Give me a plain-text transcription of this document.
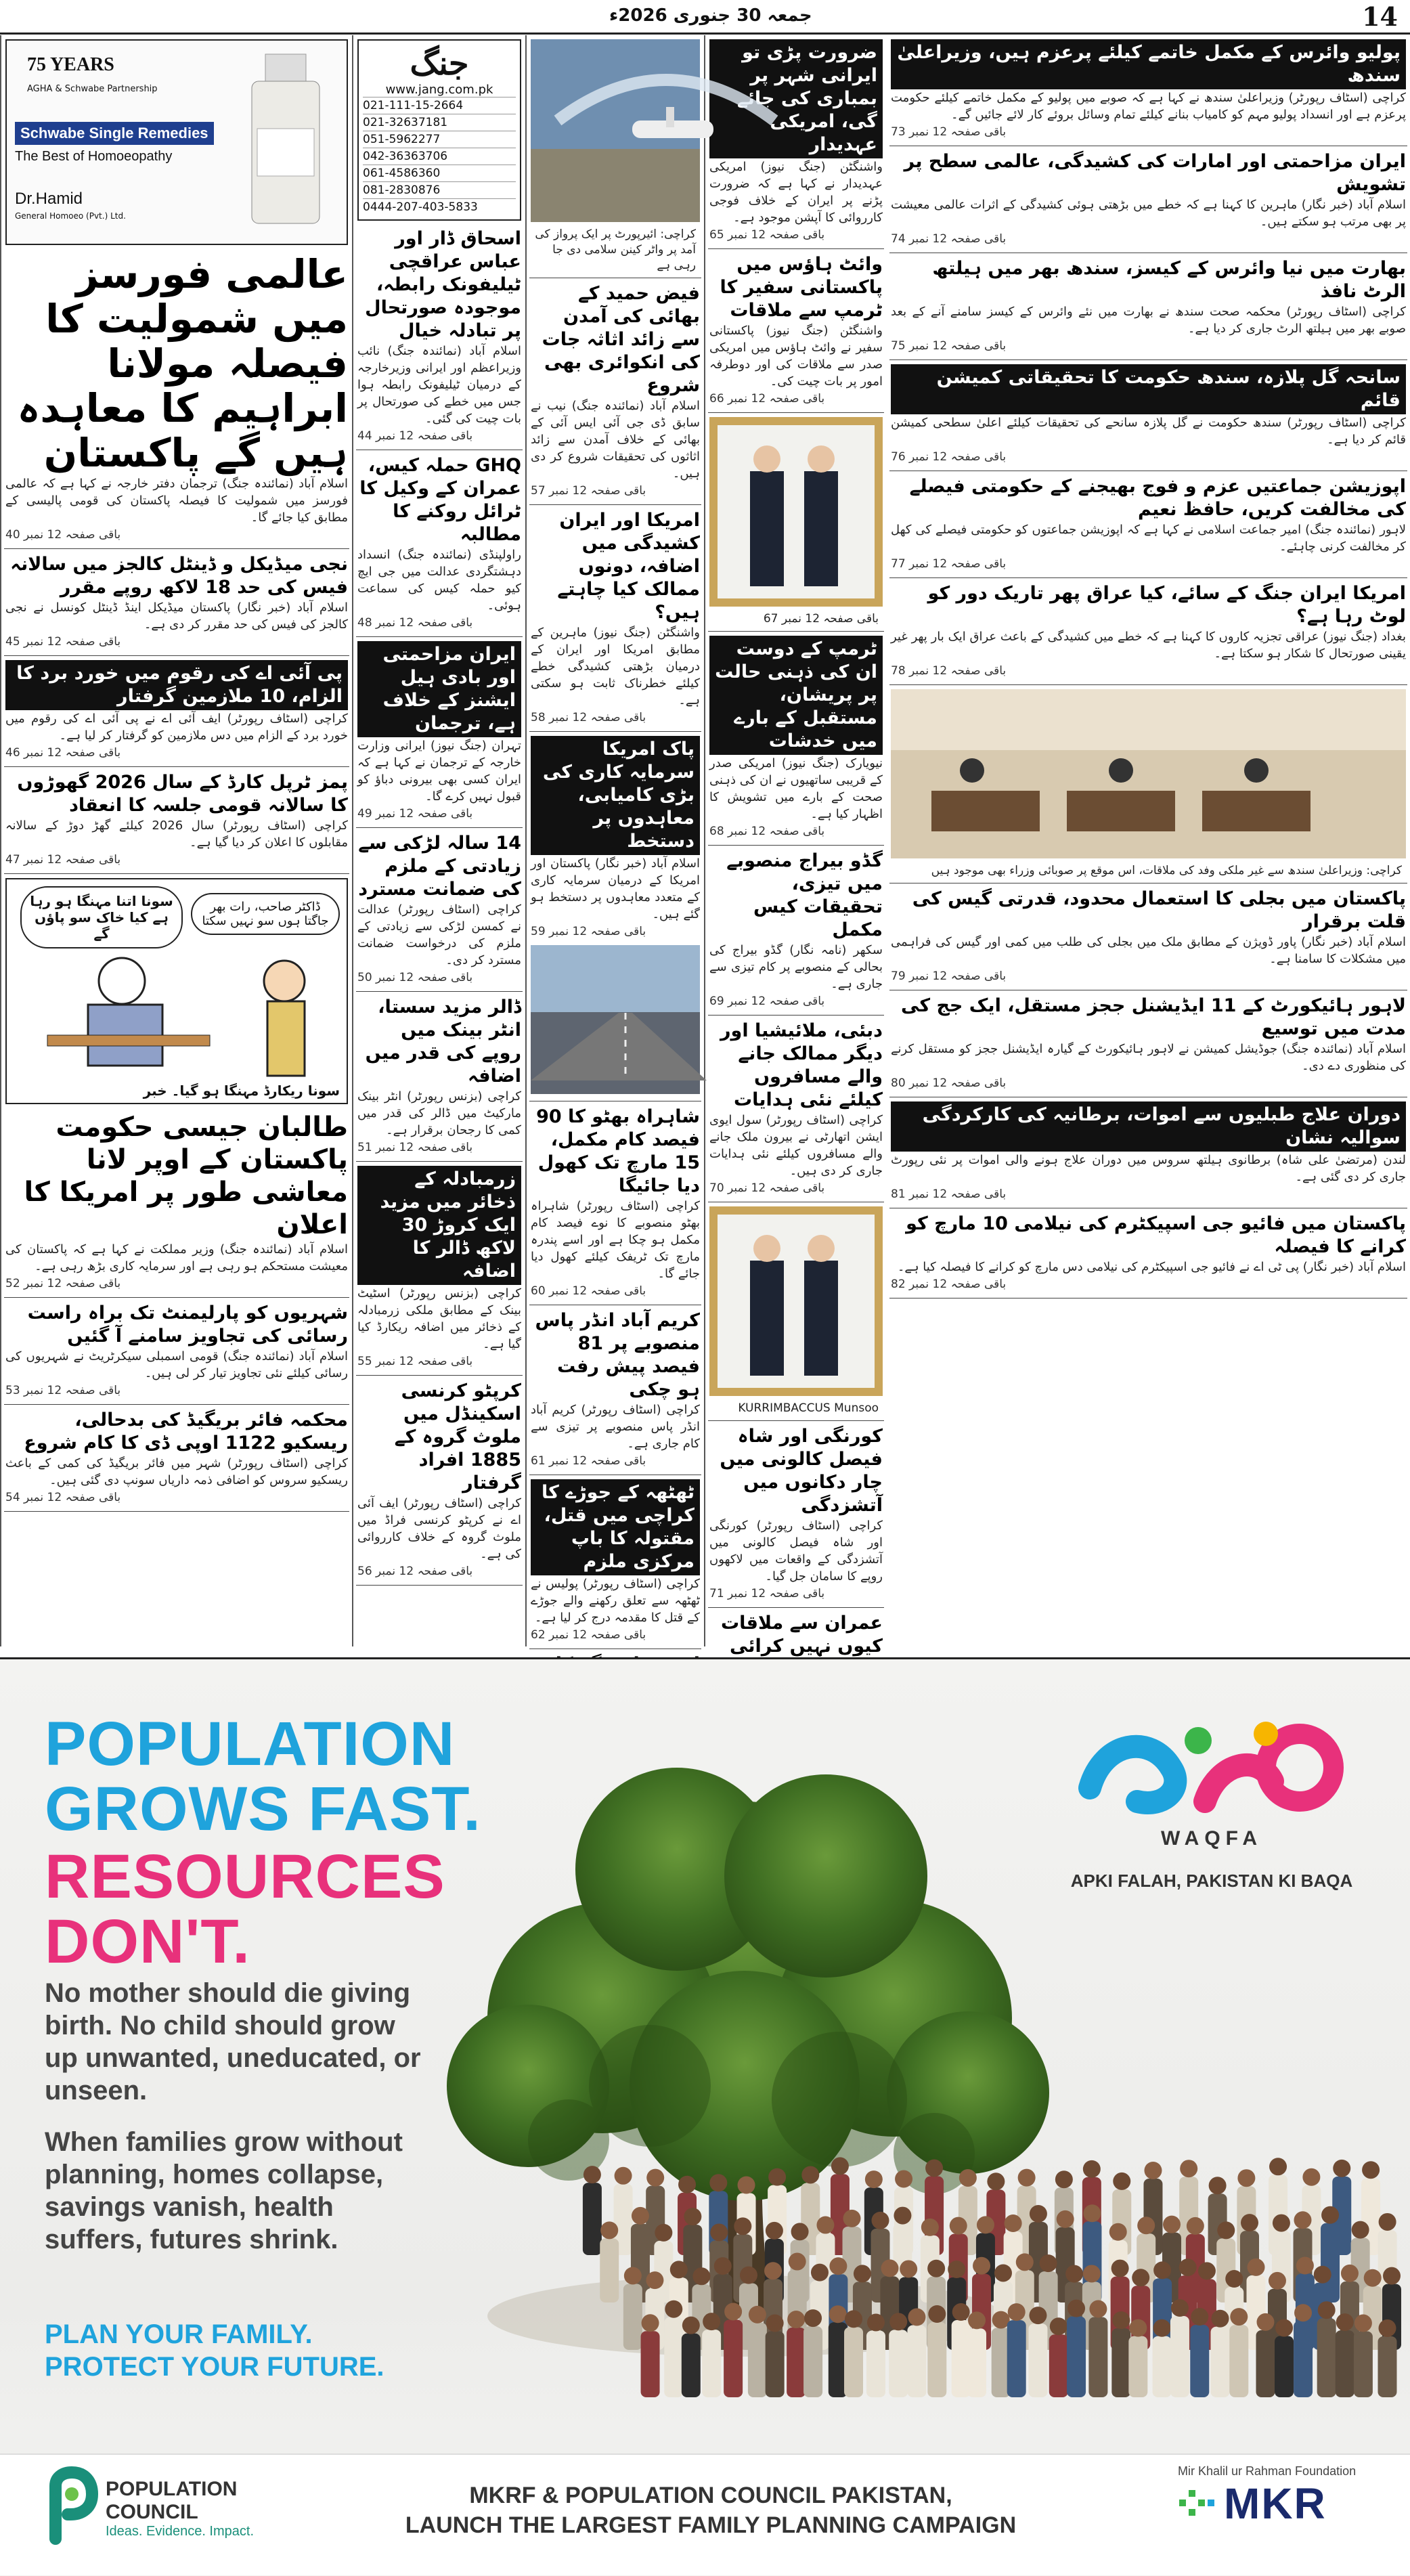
14
جمعہ 30 جنوری 2026ء
پولیو وائرس کے مکمل خاتمے کیلئے پرعزم ہیں، وزیراعلیٰ سندھ
کراچی (اسٹاف رپورٹر) وزیراعلیٰ سندھ نے کہا ہے کہ صوبے میں پولیو کے مکمل خاتمے کیلئے حکومت پرعزم ہے اور انسداد پولیو مہم کو کامیاب بنانے کیلئے تمام وسائل بروئے کار لائے جائیں گے۔
باقی صفحہ 12 نمبر 73
ایران مزاحمتی اور امارات کی کشیدگی، عالمی سطح پر تشویش
اسلام آباد (خبر نگار) ماہرین کا کہنا ہے کہ خطے میں بڑھتی ہوئی کشیدگی کے اثرات عالمی معیشت پر بھی مرتب ہو سکتے ہیں۔
باقی صفحہ 12 نمبر 74
بھارت میں نیا وائرس کے کیسز، سندھ بھر میں ہیلتھ الرٹ نافذ
کراچی (اسٹاف رپورٹر) محکمہ صحت سندھ نے بھارت میں نئے وائرس کے کیسز سامنے آنے کے بعد صوبے بھر میں ہیلتھ الرٹ جاری کر دیا ہے۔
باقی صفحہ 12 نمبر 75
سانحہ گل پلازہ، سندھ حکومت کا تحقیقاتی کمیشن قائم
کراچی (اسٹاف رپورٹر) سندھ حکومت نے گل پلازہ سانحے کی تحقیقات کیلئے اعلیٰ سطحی کمیشن قائم کر دیا ہے۔
باقی صفحہ 12 نمبر 76
اپوزیشن جماعتیں عزم و فوج بھیجنے کے حکومتی فیصلے کی مخالفت کریں، حافظ نعیم
لاہور (نمائندہ جنگ) امیر جماعت اسلامی نے کہا ہے کہ اپوزیشن جماعتوں کو حکومتی فیصلے کی کھل کر مخالفت کرنی چاہئے۔
باقی صفحہ 12 نمبر 77
امریکا ایران جنگ کے سائے، کیا عراق پھر تاریک دور کو لوٹ رہا ہے؟
بغداد (جنگ نیوز) عراقی تجزیہ کاروں کا کہنا ہے کہ خطے میں کشیدگی کے باعث عراق ایک بار پھر غیر یقینی صورتحال کا شکار ہو سکتا ہے۔
باقی صفحہ 12 نمبر 78
کراچی: وزیراعلیٰ سندھ سے غیر ملکی وفد کی ملاقات، اس موقع پر صوبائی وزراء بھی موجود ہیں
پاکستان میں بجلی کا استعمال محدود، قدرتی گیس کی قلت برقرار
اسلام آباد (خبر نگار) پاور ڈویژن کے مطابق ملک میں بجلی کی طلب میں کمی اور گیس کی فراہمی میں مشکلات کا سامنا ہے۔
باقی صفحہ 12 نمبر 79
لاہور ہائیکورٹ کے 11 ایڈیشنل ججز مستقل، ایک جج کی مدت میں توسیع
اسلام آباد (نمائندہ جنگ) جوڈیشل کمیشن نے لاہور ہائیکورٹ کے گیارہ ایڈیشنل ججز کو مستقل کرنے کی منظوری دے دی۔
باقی صفحہ 12 نمبر 80
دوران علاج طبلیوں سے اموات، برطانیہ کی کارکردگی سوالیہ نشان
لندن (مرتضیٰ علی شاہ) برطانوی ہیلتھ سروس میں دوران علاج ہونے والی اموات پر نئی رپورٹ جاری کر دی گئی ہے۔
باقی صفحہ 12 نمبر 81
پاکستان میں فائیو جی اسپیکٹرم کی نیلامی 10 مارچ کو کرانے کا فیصلہ
اسلام آباد (خبر نگار) پی ٹی اے نے فائیو جی اسپیکٹرم کی نیلامی دس مارچ کو کرانے کا فیصلہ کیا ہے۔
باقی صفحہ 12 نمبر 82
ضرورت پڑی تو ایرانی شہر پر بمباری کی جائے گی، امریکی عہدیدار
واشنگٹن (جنگ نیوز) امریکی عہدیدار نے کہا ہے کہ ضرورت پڑنے پر ایران کے خلاف فوجی کارروائی کا آپشن موجود ہے۔
باقی صفحہ 12 نمبر 65
وائٹ ہاؤس میں پاکستانی سفیر کا ٹرمپ سے ملاقات
واشنگٹن (جنگ نیوز) پاکستانی سفیر نے وائٹ ہاؤس میں امریکی صدر سے ملاقات کی اور دوطرفہ امور پر بات چیت کی۔
باقی صفحہ 12 نمبر 66
باقی صفحہ 12 نمبر 67
ٹرمپ کے دوست ان کی ذہنی حالت پر پریشان، مستقبل کے بارے میں خدشات
نیویارک (جنگ نیوز) امریکی صدر کے قریبی ساتھیوں نے ان کی ذہنی صحت کے بارے میں تشویش کا اظہار کیا ہے۔
باقی صفحہ 12 نمبر 68
گڈو بیراج منصوبے میں تیزی، تحقیقات کیس مکمل
سکھر (نامہ نگار) گڈو بیراج کی بحالی کے منصوبے پر کام تیزی سے جاری ہے۔
باقی صفحہ 12 نمبر 69
دبئی، ملائیشیا اور دیگر ممالک جانے والے مسافروں کیلئے نئی ہدایات
کراچی (اسٹاف رپورٹر) سول ایوی ایشن اتھارٹی نے بیرون ملک جانے والے مسافروں کیلئے نئی ہدایات جاری کر دی ہیں۔
باقی صفحہ 12 نمبر 70
KURRIMBACCUS Munsoo
کورنگی اور شاہ فیصل کالونی میں چار دکانوں میں آتشزدگی
کراچی (اسٹاف رپورٹر) کورنگی اور شاہ فیصل کالونی میں آتشزدگی کے واقعات میں لاکھوں روپے کا سامان جل گیا۔
باقی صفحہ 12 نمبر 71
عمران سے ملاقات کیوں نہیں کرائی
کراچی: ائیرپورٹ پر ایک پرواز کی آمد پر واٹر کینن سلامی دی جا رہی ہے
فیض حمید کے بھائی کی آمدن سے زائد اثاثہ جات کی انکوائری بھی شروع
اسلام آباد (نمائندہ جنگ) نیب نے سابق ڈی جی آئی ایس آئی کے بھائی کے خلاف آمدن سے زائد اثاثوں کی تحقیقات شروع کر دی ہیں۔
باقی صفحہ 12 نمبر 57
امریکا اور ایران کشیدگی میں اضافہ، دونوں ممالک کیا چاہتے ہیں؟
واشنگٹن (جنگ نیوز) ماہرین کے مطابق امریکا اور ایران کے درمیان بڑھتی کشیدگی خطے کیلئے خطرناک ثابت ہو سکتی ہے۔
باقی صفحہ 12 نمبر 58
پاک امریکا سرمایہ کاری کی بڑی کامیابی، معاہدوں پر دستخط
اسلام آباد (خبر نگار) پاکستان اور امریکا کے درمیان سرمایہ کاری کے متعدد معاہدوں پر دستخط ہو گئے ہیں۔
باقی صفحہ 12 نمبر 59
شاہراہ بھٹو کا 90 فیصد کام مکمل، 15 مارچ تک کھول دیا جائیگا
کراچی (اسٹاف رپورٹر) شاہراہ بھٹو منصوبے کا نوے فیصد کام مکمل ہو چکا ہے اور اسے پندرہ مارچ تک ٹریفک کیلئے کھول دیا جائے گا۔
باقی صفحہ 12 نمبر 60
کریم آباد انڈر پاس منصوبے پر 81 فیصد پیش رفت ہو چکی
کراچی (اسٹاف رپورٹر) کریم آباد انڈر پاس منصوبے پر تیزی سے کام جاری ہے۔
باقی صفحہ 12 نمبر 61
ٹھٹھہ کے جوڑے کا کراچی میں قتل، مقتولہ کا باپ مرکزی ملزم
کراچی (اسٹاف رپورٹر) پولیس نے ٹھٹھہ سے تعلق رکھنے والے جوڑے کے قتل کا مقدمہ درج کر لیا ہے۔
باقی صفحہ 12 نمبر 62
جنگ
www.jang.com.pk
021-111-15-2664
021-32637181
051-5962277
042-36363706
061-4586360
081-2830876
0444-207-403-5833
اسحاق ڈار اور عباس عراقچی ٹیلیفونک رابطہ، موجودہ صورتحال پر تبادلہ خیال
اسلام آباد (نمائندہ جنگ) نائب وزیراعظم اور ایرانی وزیرخارجہ کے درمیان ٹیلیفونک رابطہ ہوا جس میں خطے کی صورتحال پر بات چیت کی گئی۔
باقی صفحہ 12 نمبر 44
GHQ حملہ کیس، عمران کے وکیل کا ٹرائل روکنے کا مطالبہ
راولپنڈی (نمائندہ جنگ) انسداد دہشتگردی عدالت میں جی ایچ کیو حملہ کیس کی سماعت ہوئی۔
باقی صفحہ 12 نمبر 48
ایران مزاحمتی اور بادی ہیل ایشنز کے خلاف ہے، ترجمان
تہران (جنگ نیوز) ایرانی وزارت خارجہ کے ترجمان نے کہا ہے کہ ایران کسی بھی بیرونی دباؤ کو قبول نہیں کرے گا۔
باقی صفحہ 12 نمبر 49
14 سالہ لڑکی سے زیادتی کے ملزم کی ضمانت مسترد
کراچی (اسٹاف رپورٹر) عدالت نے کمسن لڑکی سے زیادتی کے ملزم کی درخواست ضمانت مسترد کر دی۔
باقی صفحہ 12 نمبر 50
ڈالر مزید سستا، انٹر بینک میں روپے کی قدر میں اضافہ
کراچی (بزنس رپورٹر) انٹر بینک مارکیٹ میں ڈالر کی قدر میں کمی کا رجحان برقرار ہے۔
باقی صفحہ 12 نمبر 51
زرمبادلہ کے ذخائر میں مزید ایک کروڑ 30 لاکھ ڈالر کا اضافہ
کراچی (بزنس رپورٹر) اسٹیٹ بینک کے مطابق ملکی زرمبادلہ کے ذخائر میں اضافہ ریکارڈ کیا گیا ہے۔
باقی صفحہ 12 نمبر 55
کرپٹو کرنسی اسکینڈل میں ملوث گروہ کے 1885 افراد گرفتار
کراچی (اسٹاف رپورٹر) ایف آئی اے نے کرپٹو کرنسی فراڈ میں ملوث گروہ کے خلاف کارروائی کی ہے۔
باقی صفحہ 12 نمبر 56
75 YEARS
AGHA & Schwabe Partnership
Schwabe Single Remedies
The Best of Homoeopathy
Dr.Hamid
General Homoeo (Pvt.) Ltd.
عالمی فورسز میں شمولیت کا فیصلہ مولانا ابراہیم کا معاہدہ ہیں گے پاکستان
اسلام آباد (نمائندہ جنگ) ترجمان دفتر خارجہ نے کہا ہے کہ عالمی فورسز میں شمولیت کا فیصلہ پاکستان کی قومی پالیسی کے مطابق کیا جائے گا۔
باقی صفحہ 12 نمبر 40
نجی میڈیکل و ڈینٹل کالجز میں سالانہ فیس کی حد 18 لاکھ روپے مقرر
اسلام آباد (خبر نگار) پاکستان میڈیکل اینڈ ڈینٹل کونسل نے نجی کالجز کی فیس کی حد مقرر کر دی ہے۔
باقی صفحہ 12 نمبر 45
پی آئی اے کی رقوم میں خورد برد کا الزام، 10 ملازمین گرفتار
کراچی (اسٹاف رپورٹر) ایف آئی اے نے پی آئی اے کی رقوم میں خورد برد کے الزام میں دس ملازمین کو گرفتار کر لیا ہے۔
باقی صفحہ 12 نمبر 46
پمز ٹرپل کارڈ کے سال 2026 گھوڑوں کا سالانہ قومی جلسہ کا انعقاد
کراچی (اسٹاف رپورٹر) سال 2026 کیلئے گھڑ دوڑ کے سالانہ مقابلوں کا اعلان کر دیا گیا ہے۔
باقی صفحہ 12 نمبر 47
سونا اتنا مہنگا ہو رہا ہے کیا خاک سو پاؤں گے
ڈاکٹر صاحب، رات بھر جاگتا ہوں سو نہیں سکتا
سونا ریکارڈ مہنگا ہو گیا۔ خبر
طالبان جیسی حکومت پاکستان کے اوپر لانا معاشی طور پر امریکا کا اعلان
اسلام آباد (نمائندہ جنگ) وزیر مملکت نے کہا ہے کہ پاکستان کی معیشت مستحکم ہو رہی ہے اور سرمایہ کاری بڑھ رہی ہے۔
باقی صفحہ 12 نمبر 52
شہریوں کو پارلیمنٹ تک براہ راست رسائی کی تجاویز سامنے آ گئیں
اسلام آباد (نمائندہ جنگ) قومی اسمبلی سیکرٹریٹ نے شہریوں کی رسائی کیلئے نئی تجاویز تیار کر لی ہیں۔
باقی صفحہ 12 نمبر 53
محکمہ فائر بریگیڈ کی بدحالی، ریسکیو 1122 اوپی ڈی کا کام شروع
کراچی (اسٹاف رپورٹر) شہر میں فائر بریگیڈ کی کمی کے باعث ریسکیو سروس کو اضافی ذمہ داریاں سونپ دی گئی ہیں۔
باقی صفحہ 12 نمبر 54
WAQFA
APKI FALAH, PAKISTAN KI BAQA
POPULATION
GROWS FAST.
RESOURCES
DON'T.
No mother should die giving birth. No child should grow up unwanted, uneducated, or unseen.
When families grow without planning, homes collapse, savings vanish, health suffers, futures shrink.
PLAN YOUR FAMILY.
PROTECT YOUR FUTURE.
POPULATION
COUNCIL
Ideas. Evidence. Impact.
MKRF & POPULATION COUNCIL PAKISTAN,
LAUNCH THE LARGEST FAMILY PLANNING CAMPAIGN
Mir Khalil ur Rahman Foundation
MKR
